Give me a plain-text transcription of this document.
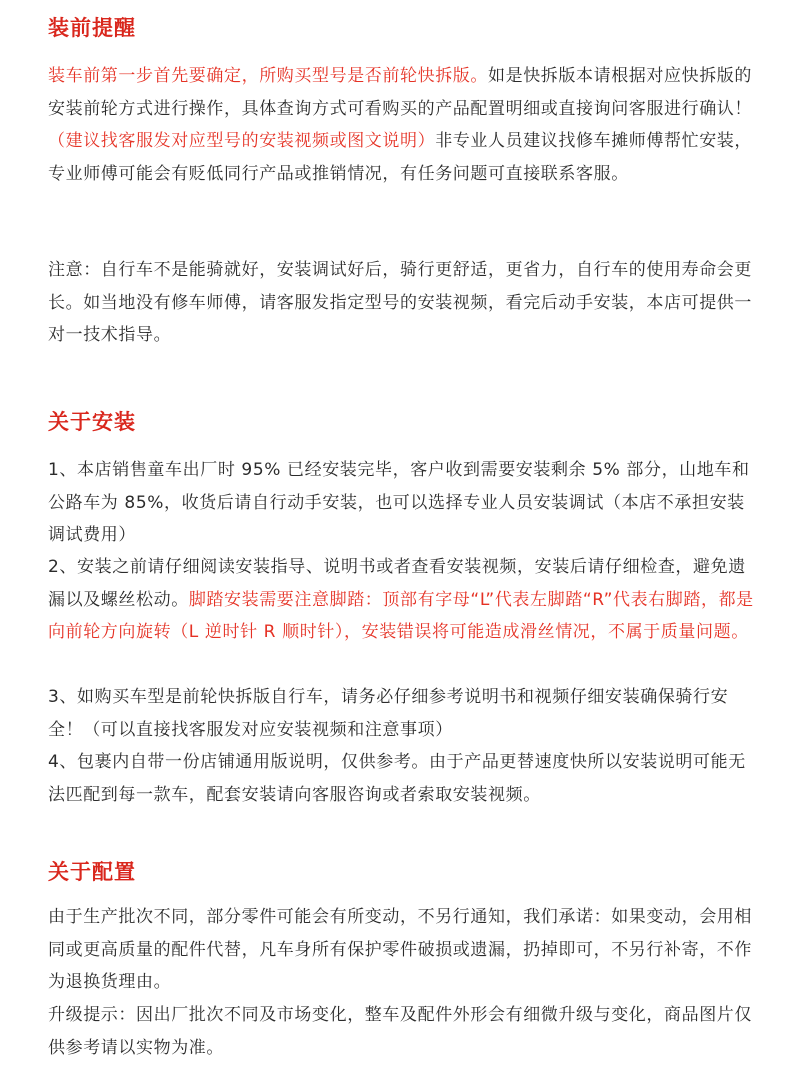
装前提醒

装车前第一步首先要确定，所购买型号是否前轮快拆版。如是快拆版本请根据对应快拆版的安装前轮方式进行操作，具体查询方式可看购买的产品配置明细或直接询问客服进行确认！（建议找客服发对应型号的安装视频或图文说明）非专业人员建议找修车摊师傅帮忙安装，专业师傅可能会有贬低同行产品或推销情况，有任务问题可直接联系客服。

注意：自行车不是能骑就好，安装调试好后，骑行更舒适，更省力，自行车的使用寿命会更长。如当地没有修车师傅，请客服发指定型号的安装视频，看完后动手安装，本店可提供一对一技术指导。

关于安装

1、本店销售童车出厂时 95% 已经安装完毕，客户收到需要安装剩余 5% 部分，山地车和公路车为 85%，收货后请自行动手安装，也可以选择专业人员安装调试（本店不承担安装调试费用）

2、安装之前请仔细阅读安装指导、说明书或者查看安装视频，安装后请仔细检查，避免遗漏以及螺丝松动。脚踏安装需要注意脚踏：顶部有字母“L”代表左脚踏“R”代表右脚踏，都是向前轮方向旋转（L 逆时针 R 顺时针），安装错误将可能造成滑丝情况，不属于质量问题。

3、如购买车型是前轮快拆版自行车，请务必仔细参考说明书和视频仔细安装确保骑行安全！（可以直接找客服发对应安装视频和注意事项）

4、包裹内自带一份店铺通用版说明，仅供参考。由于产品更替速度快所以安装说明可能无法匹配到每一款车，配套安装请向客服咨询或者索取安装视频。

关于配置

由于生产批次不同，部分零件可能会有所变动，不另行通知，我们承诺：如果变动，会用相同或更高质量的配件代替，凡车身所有保护零件破损或遗漏，扔掉即可，不另行补寄，不作为退换货理由。

升级提示：因出厂批次不同及市场变化，整车及配件外形会有细微升级与变化，商品图片仅供参考请以实物为准。
